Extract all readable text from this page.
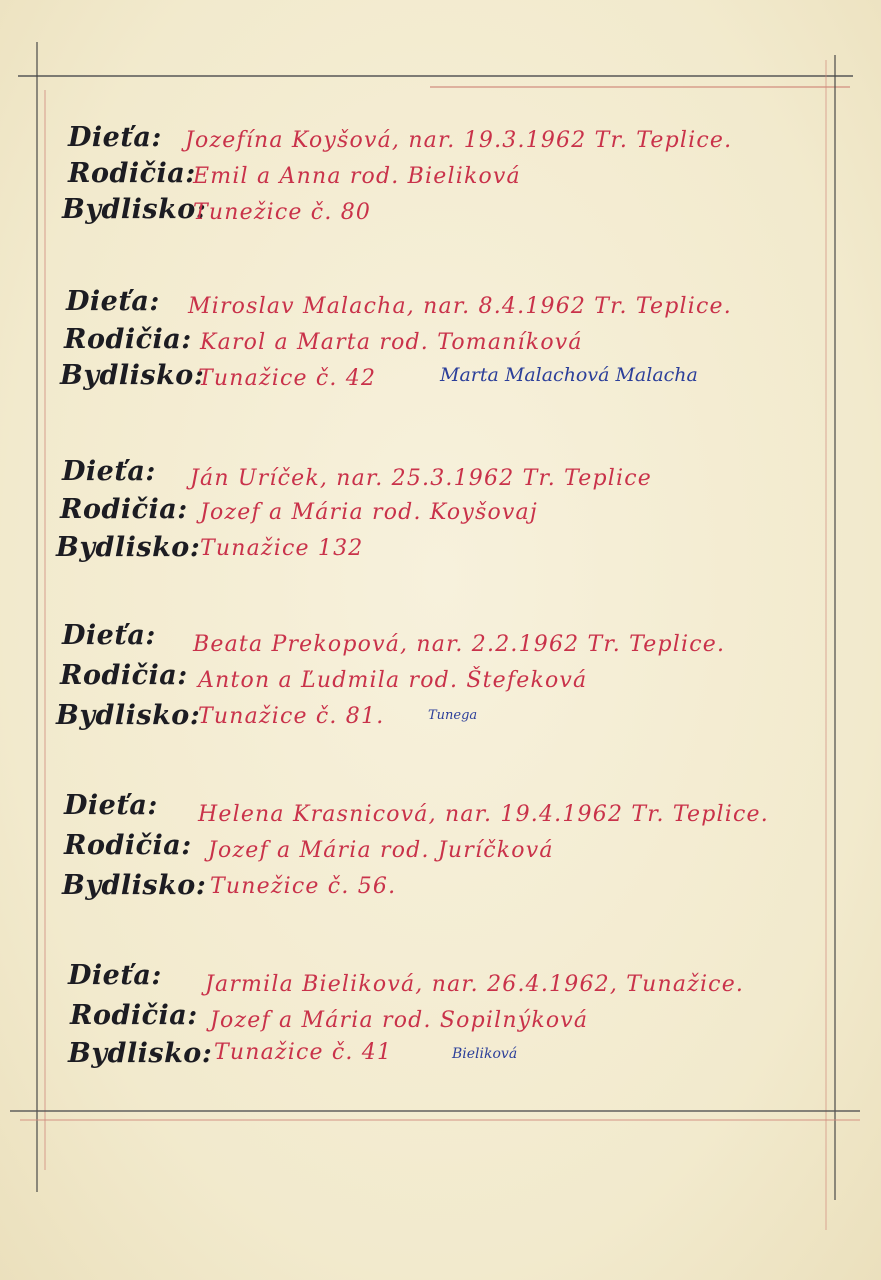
Dieťa: Jozefína Koyšová, nar. 19.3.1962 Tr. Teplice.
Rodičia:
Emil a Anna rod. Bieliková
Bydlisko:
Tunežice č. 80
Dieťa: Miroslav Malacha, nar. 8.4.1962 Tr. Teplice.
Rodičia: Karol a Marta rod. Tomaníková
Bydlisko:
Tunažice č. 42	Marta Malachová Malacha
Dieťa: Ján Uríček, nar. 25.3.1962 Tr. Teplice
Rodičia: Jozef a Mária rod. Koyšovaj
Bydlisko: Tunažice 132
Dieťa: Beata Prekopová, nar. 2.2.1962 Tr. Teplice.
Rodičia: Anton a Ľudmila rod. Štefeková
Bydlisko:
Tunažice č. 81.	Tunega
Dieťa: Helena Krasnicová, nar. 19.4.1962 Tr. Teplice.
Rodičia: Jozef a Mária rod. Juríčková
Bydlisko: Tunežice č. 56.
Dieťa: Jarmila Bieliková, nar. 26.4.1962, Tunažice.
Rodičia: Jozef a Mária rod. Sopilnýková
Bydlisko: Tunažice č. 41	Bieliková
